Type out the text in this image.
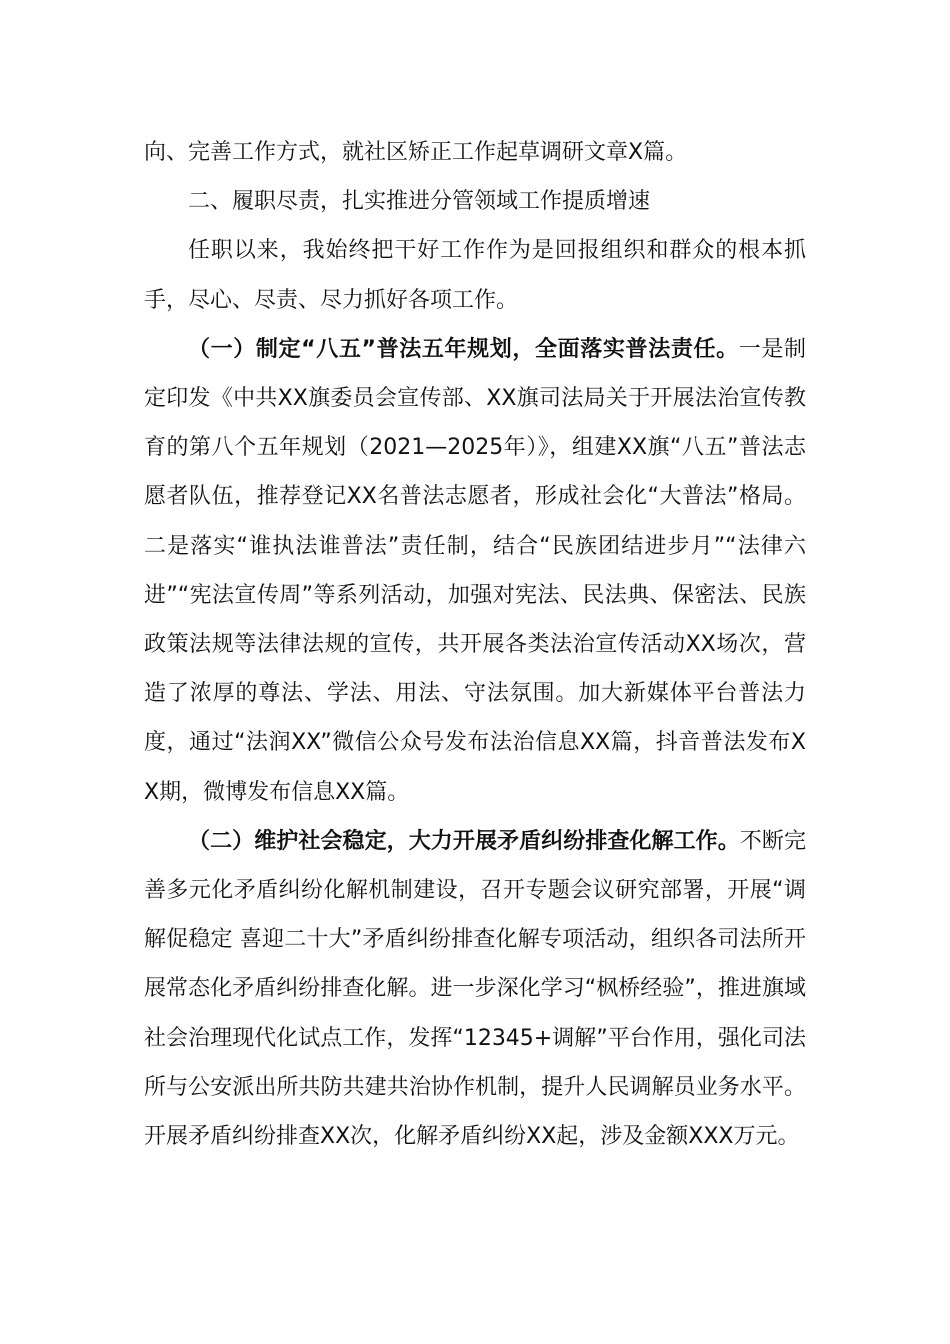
向、完善工作方式，就社区矫正工作起草调研文章X篇。

二、履职尽责，扎实推进分管领域工作提质增速

任职以来，我始终把干好工作作为是回报组织和群众的根本抓手，尽心、尽责、尽力抓好各项工作。

（一）制定“八五”普法五年规划，全面落实普法责任。一是制定印发《中共XX旗委员会宣传部、XX旗司法局关于开展法治宣传教育的第八个五年规划（2021—2025年）》，组建XX旗“八五”普法志愿者队伍，推荐登记XX名普法志愿者，形成社会化“大普法”格局。二是落实“谁执法谁普法”责任制，结合“民族团结进步月”“法律六进”“宪法宣传周”等系列活动，加强对宪法、民法典、保密法、民族政策法规等法律法规的宣传，共开展各类法治宣传活动XX场次，营造了浓厚的尊法、学法、用法、守法氛围。加大新媒体平台普法力度，通过“法润XX”微信公众号发布法治信息XX篇，抖音普法发布XX期，微博发布信息XX篇。

（二）维护社会稳定，大力开展矛盾纠纷排查化解工作。不断完善多元化矛盾纠纷化解机制建设，召开专题会议研究部署，开展“调解促稳定 喜迎二十大”矛盾纠纷排查化解专项活动，组织各司法所开展常态化矛盾纠纷排查化解。进一步深化学习“枫桥经验”，推进旗域社会治理现代化试点工作，发挥“12345+调解”平台作用，强化司法所与公安派出所共防共建共治协作机制，提升人民调解员业务水平。开展矛盾纠纷排查XX次，化解矛盾纠纷XX起，涉及金额XXX万元。
